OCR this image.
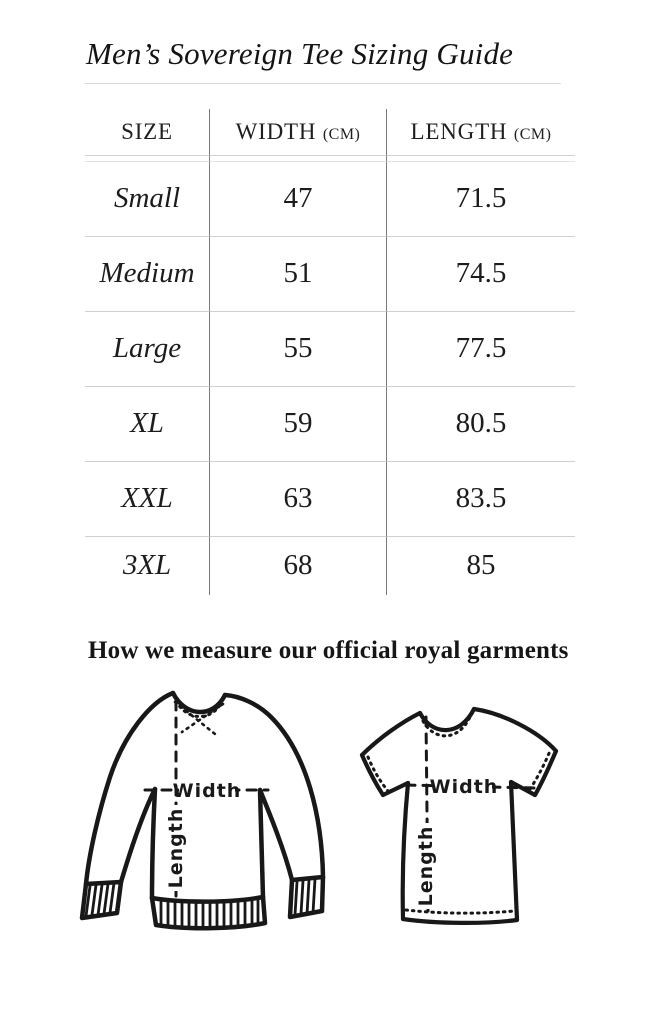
Men’s Sovereign Tee Sizing Guide
SIZE	WIDTH (CM)	LENGTH (CM)

Small	47	71.5
Medium	51	74.5
Large	55	77.5
XL	59	80.5
XXL	63	83.5
3XL	68	85
How we measure our official royal garments
Width
Length
Width
Length
